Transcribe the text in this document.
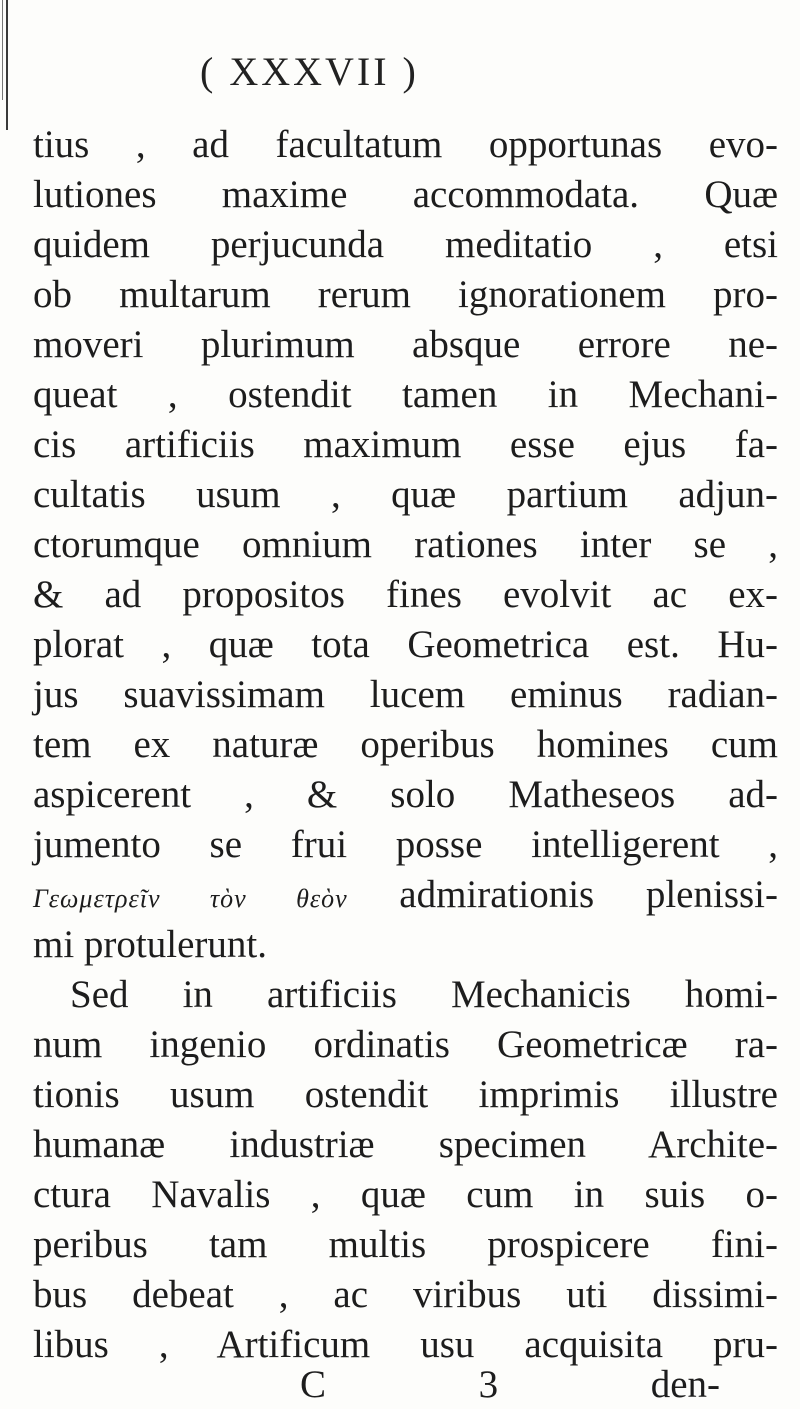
( XXXVII )
tius , ad facultatum opportunas evo-
lutiones maxime accommodata. Quæ
quidem perjucunda meditatio , etsi
ob multarum rerum ignorationem pro-
moveri plurimum absque errore ne-
queat , ostendit tamen in Mechani-
cis artificiis maximum esse ejus fa-
cultatis usum , quæ partium adjun-
ctorumque omnium rationes inter se ,
& ad propositos fines evolvit ac ex-
plorat , quæ tota Geometrica est. Hu-
jus suavissimam lucem eminus radian-
tem ex naturæ operibus homines cum
aspicerent , & solo Matheseos ad-
jumento se frui posse intelligerent ,
Γεωμετρεῖν τὸν θεὸν admirationis plenissi-
mi protulerunt.
Sed in artificiis Mechanicis homi-
num ingenio ordinatis Geometricæ ra-
tionis usum ostendit imprimis illustre
humanæ industriæ specimen Archite-
ctura Navalis , quæ cum in suis o-
peribus tam multis prospicere fini-
bus debeat , ac viribus uti dissimi-
libus , Artificum usu acquisita pru-
C 3	den-
